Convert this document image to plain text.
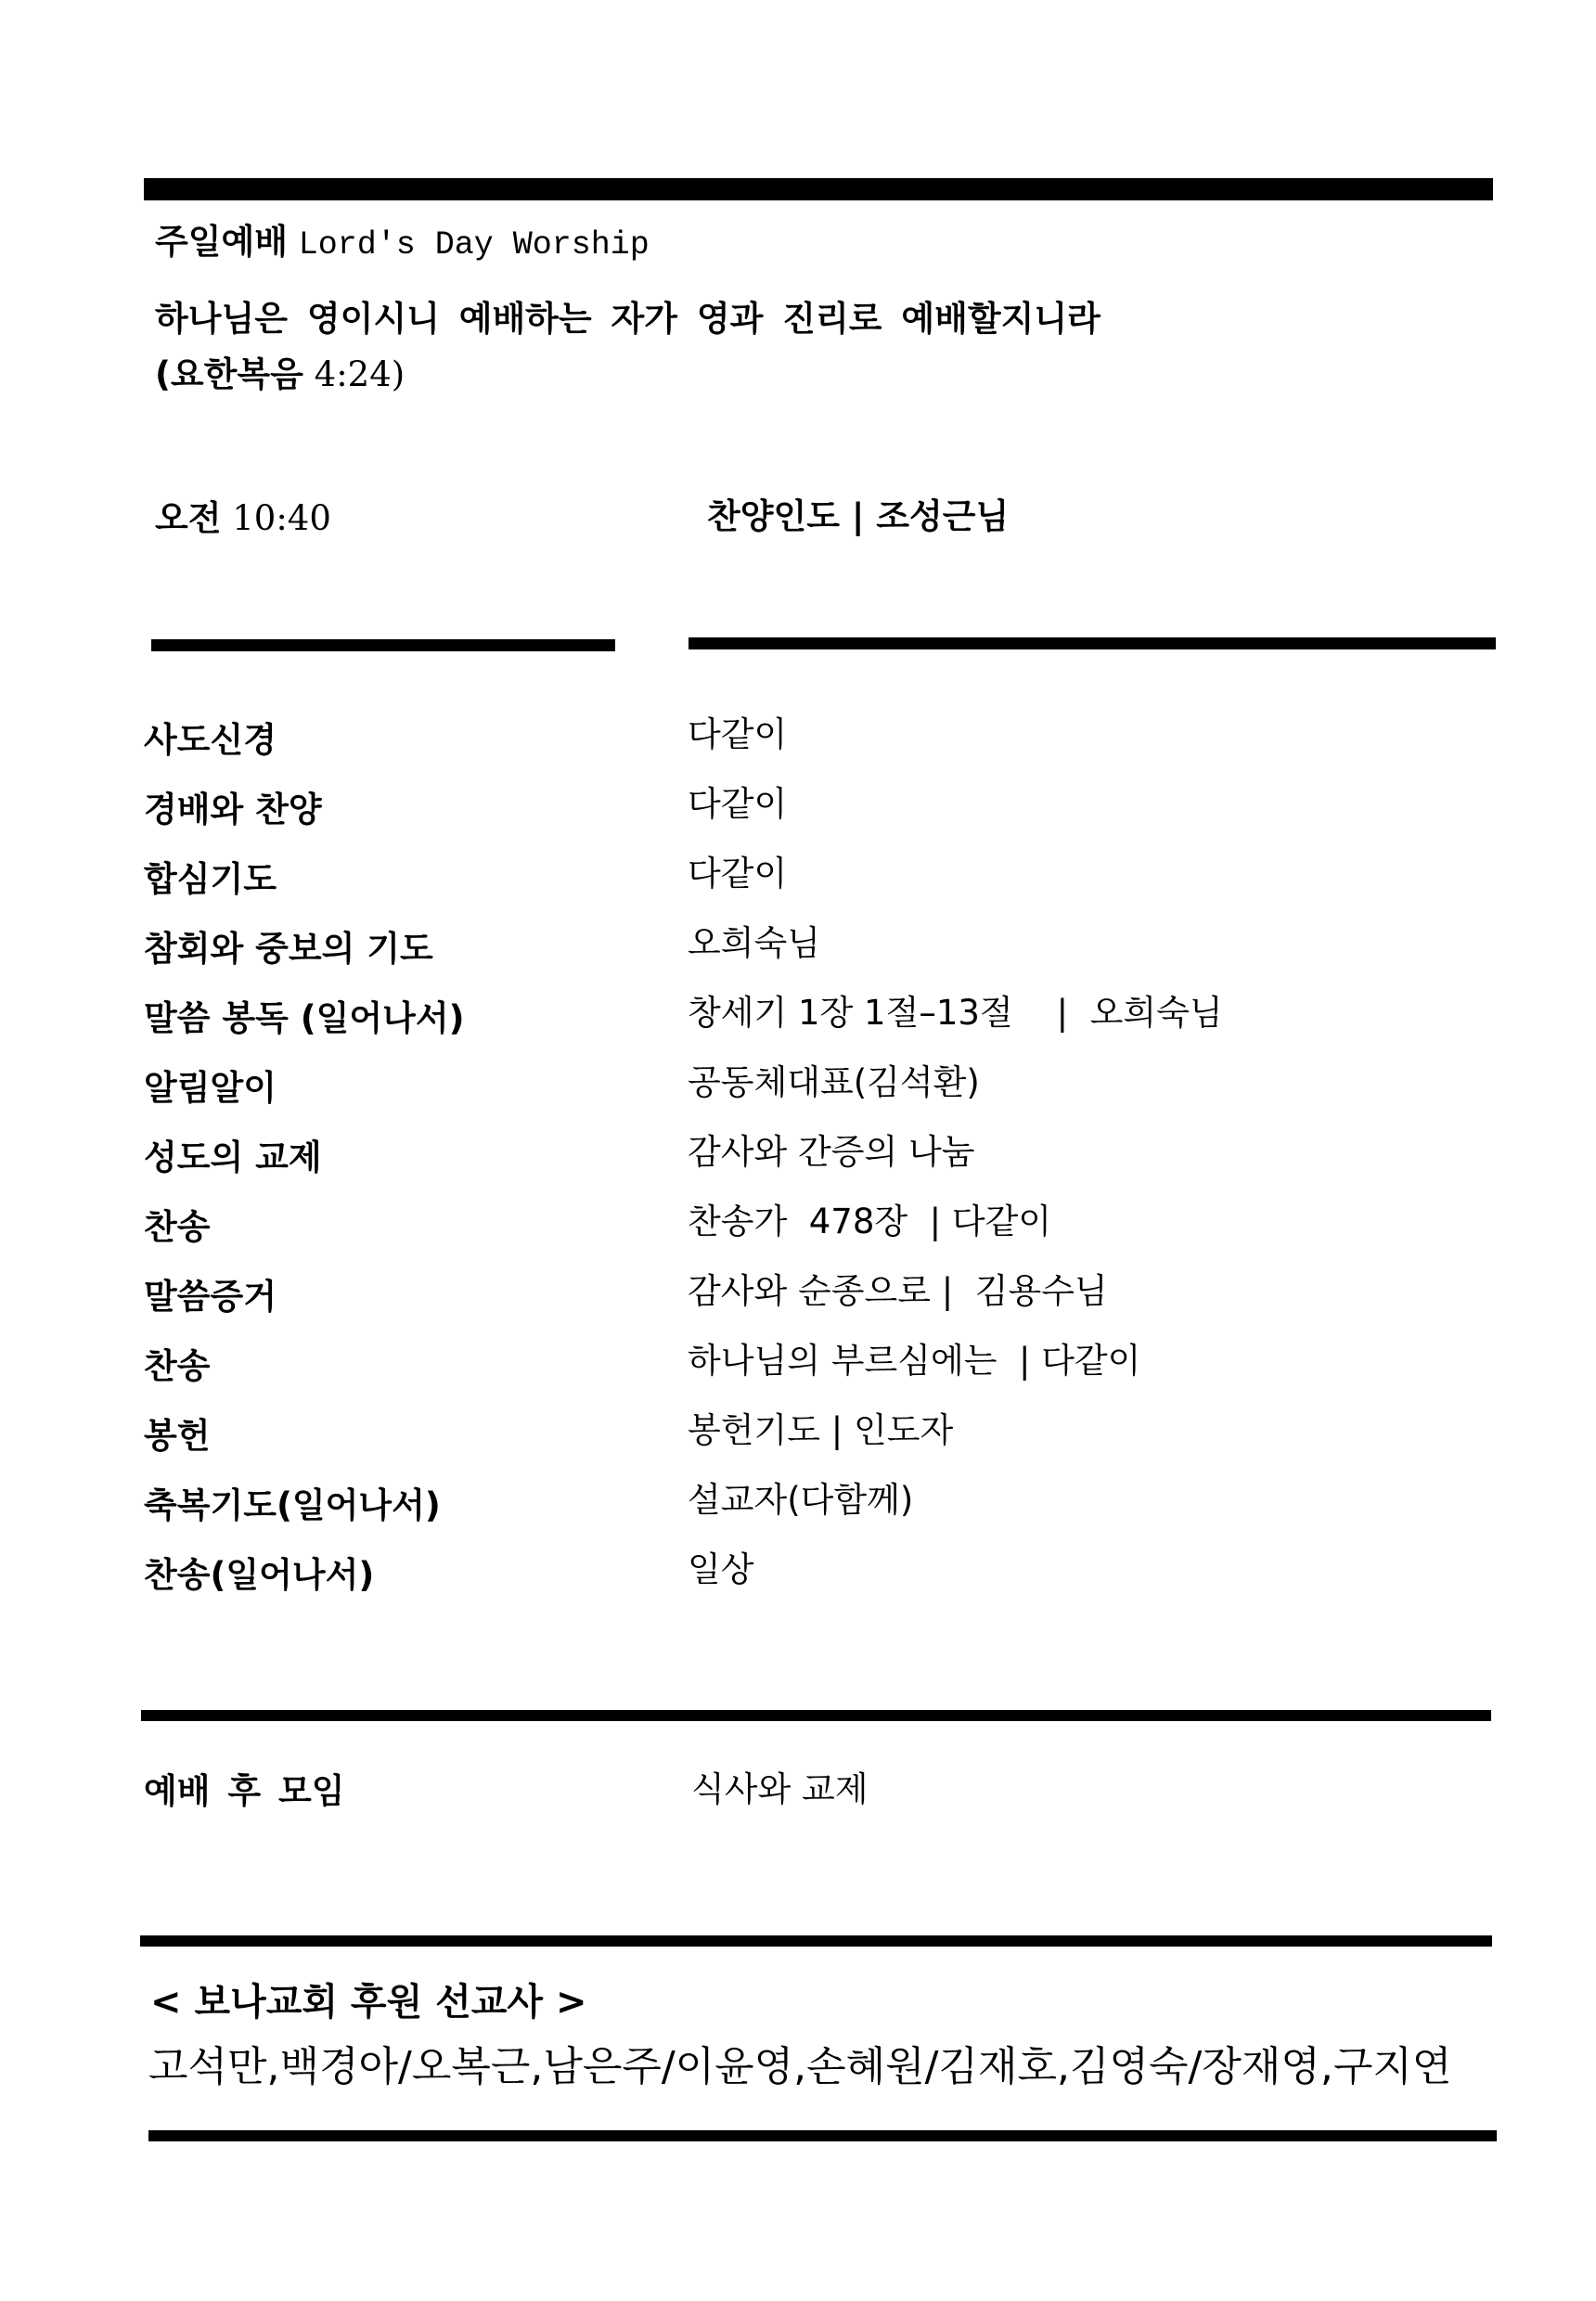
주일예배 Lord's Day Worship
하나님은 영이시니 예배하는 자가 영과 진리로 예배할지니라
(요한복음 4:24)
오전 10:40	찬양인도 | 조성근님
사도신경	다같이
경배와 찬양	다같이
합심기도	다같이
참회와 중보의 기도	오희숙님
말씀 봉독 (일어나서)	창세기 1장 1절–13절    |  오희숙님
알림알이	공동체대표(김석환)
성도의 교제	감사와 간증의 나눔
찬송	찬송가  478장  | 다같이
말씀증거	감사와 순종으로 |  김용수님
찬송	하나님의 부르심에는  | 다같이
봉헌	봉헌기도 | 인도자
축복기도(일어나서)	설교자(다함께)
찬송(일어나서)	일상
예배 후 모임	식사와 교제
< 보나교회 후원 선교사 >
고석만,백경아/오복근,남은주/이윤영,손혜원/김재호,김영숙/장재영,구지연
